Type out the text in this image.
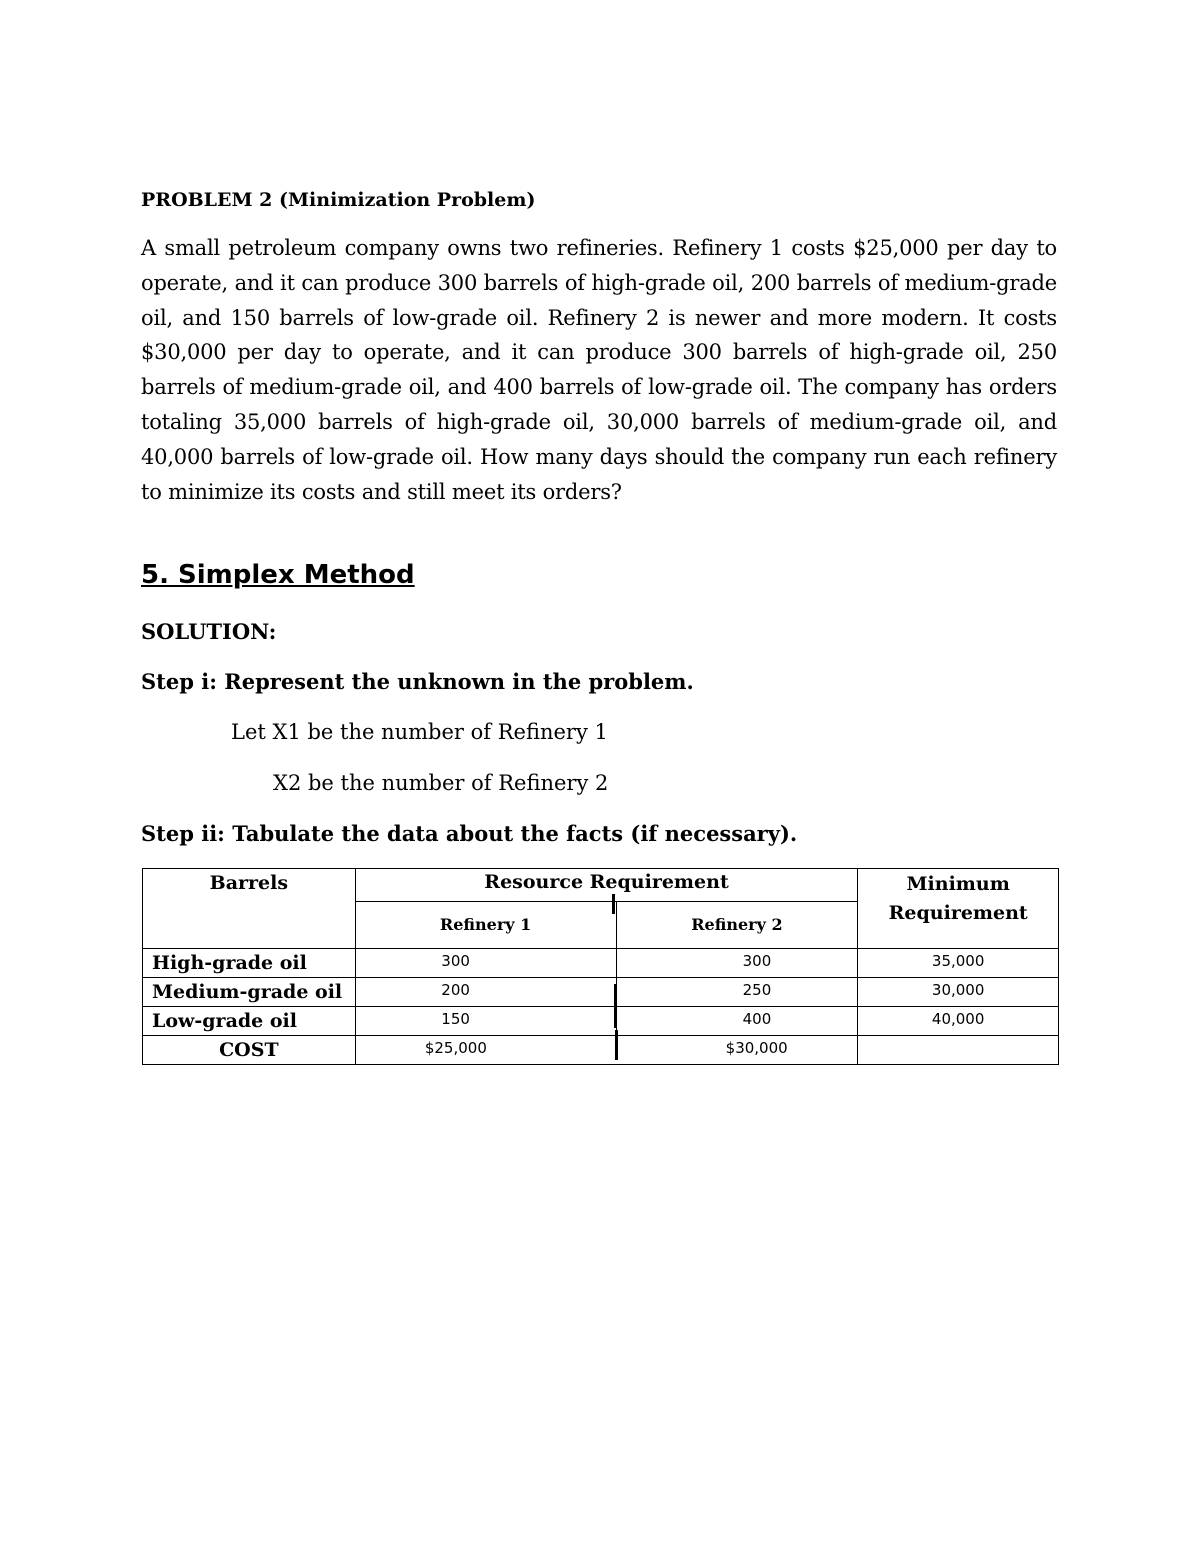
PROBLEM 2 (Minimization Problem)

A small petroleum company owns two refineries. Refinery 1 costs $25,000 per day to operate, and it can produce 300 barrels of high-grade oil, 200 barrels of medium-grade oil, and 150 barrels of low-grade oil. Refinery 2 is newer and more modern. It costs $30,000 per day to operate, and it can produce 300 barrels of high-grade oil, 250 barrels of medium-grade oil, and 400 barrels of low-grade oil. The company has orders totaling 35,000 barrels of high-grade oil, 30,000 barrels of medium-grade oil, and 40,000 barrels of low-grade oil. How many days should the company run each refinery to minimize its costs and still meet its orders?

5. Simplex Method

SOLUTION:

Step i: Represent the unknown in the problem.

Let X1 be the number of Refinery 1

X2 be the number of Refinery 2

Step ii: Tabulate the data about the facts (if necessary).

Barrels	Resource Requirement		Minimum Requirement
	Refinery 1	Refinery 2	
High-grade oil	300	300	35,000
Medium-grade oil	200	250	30,000
Low-grade oil	150	400	40,000
COST	$25,000	$30,000	
